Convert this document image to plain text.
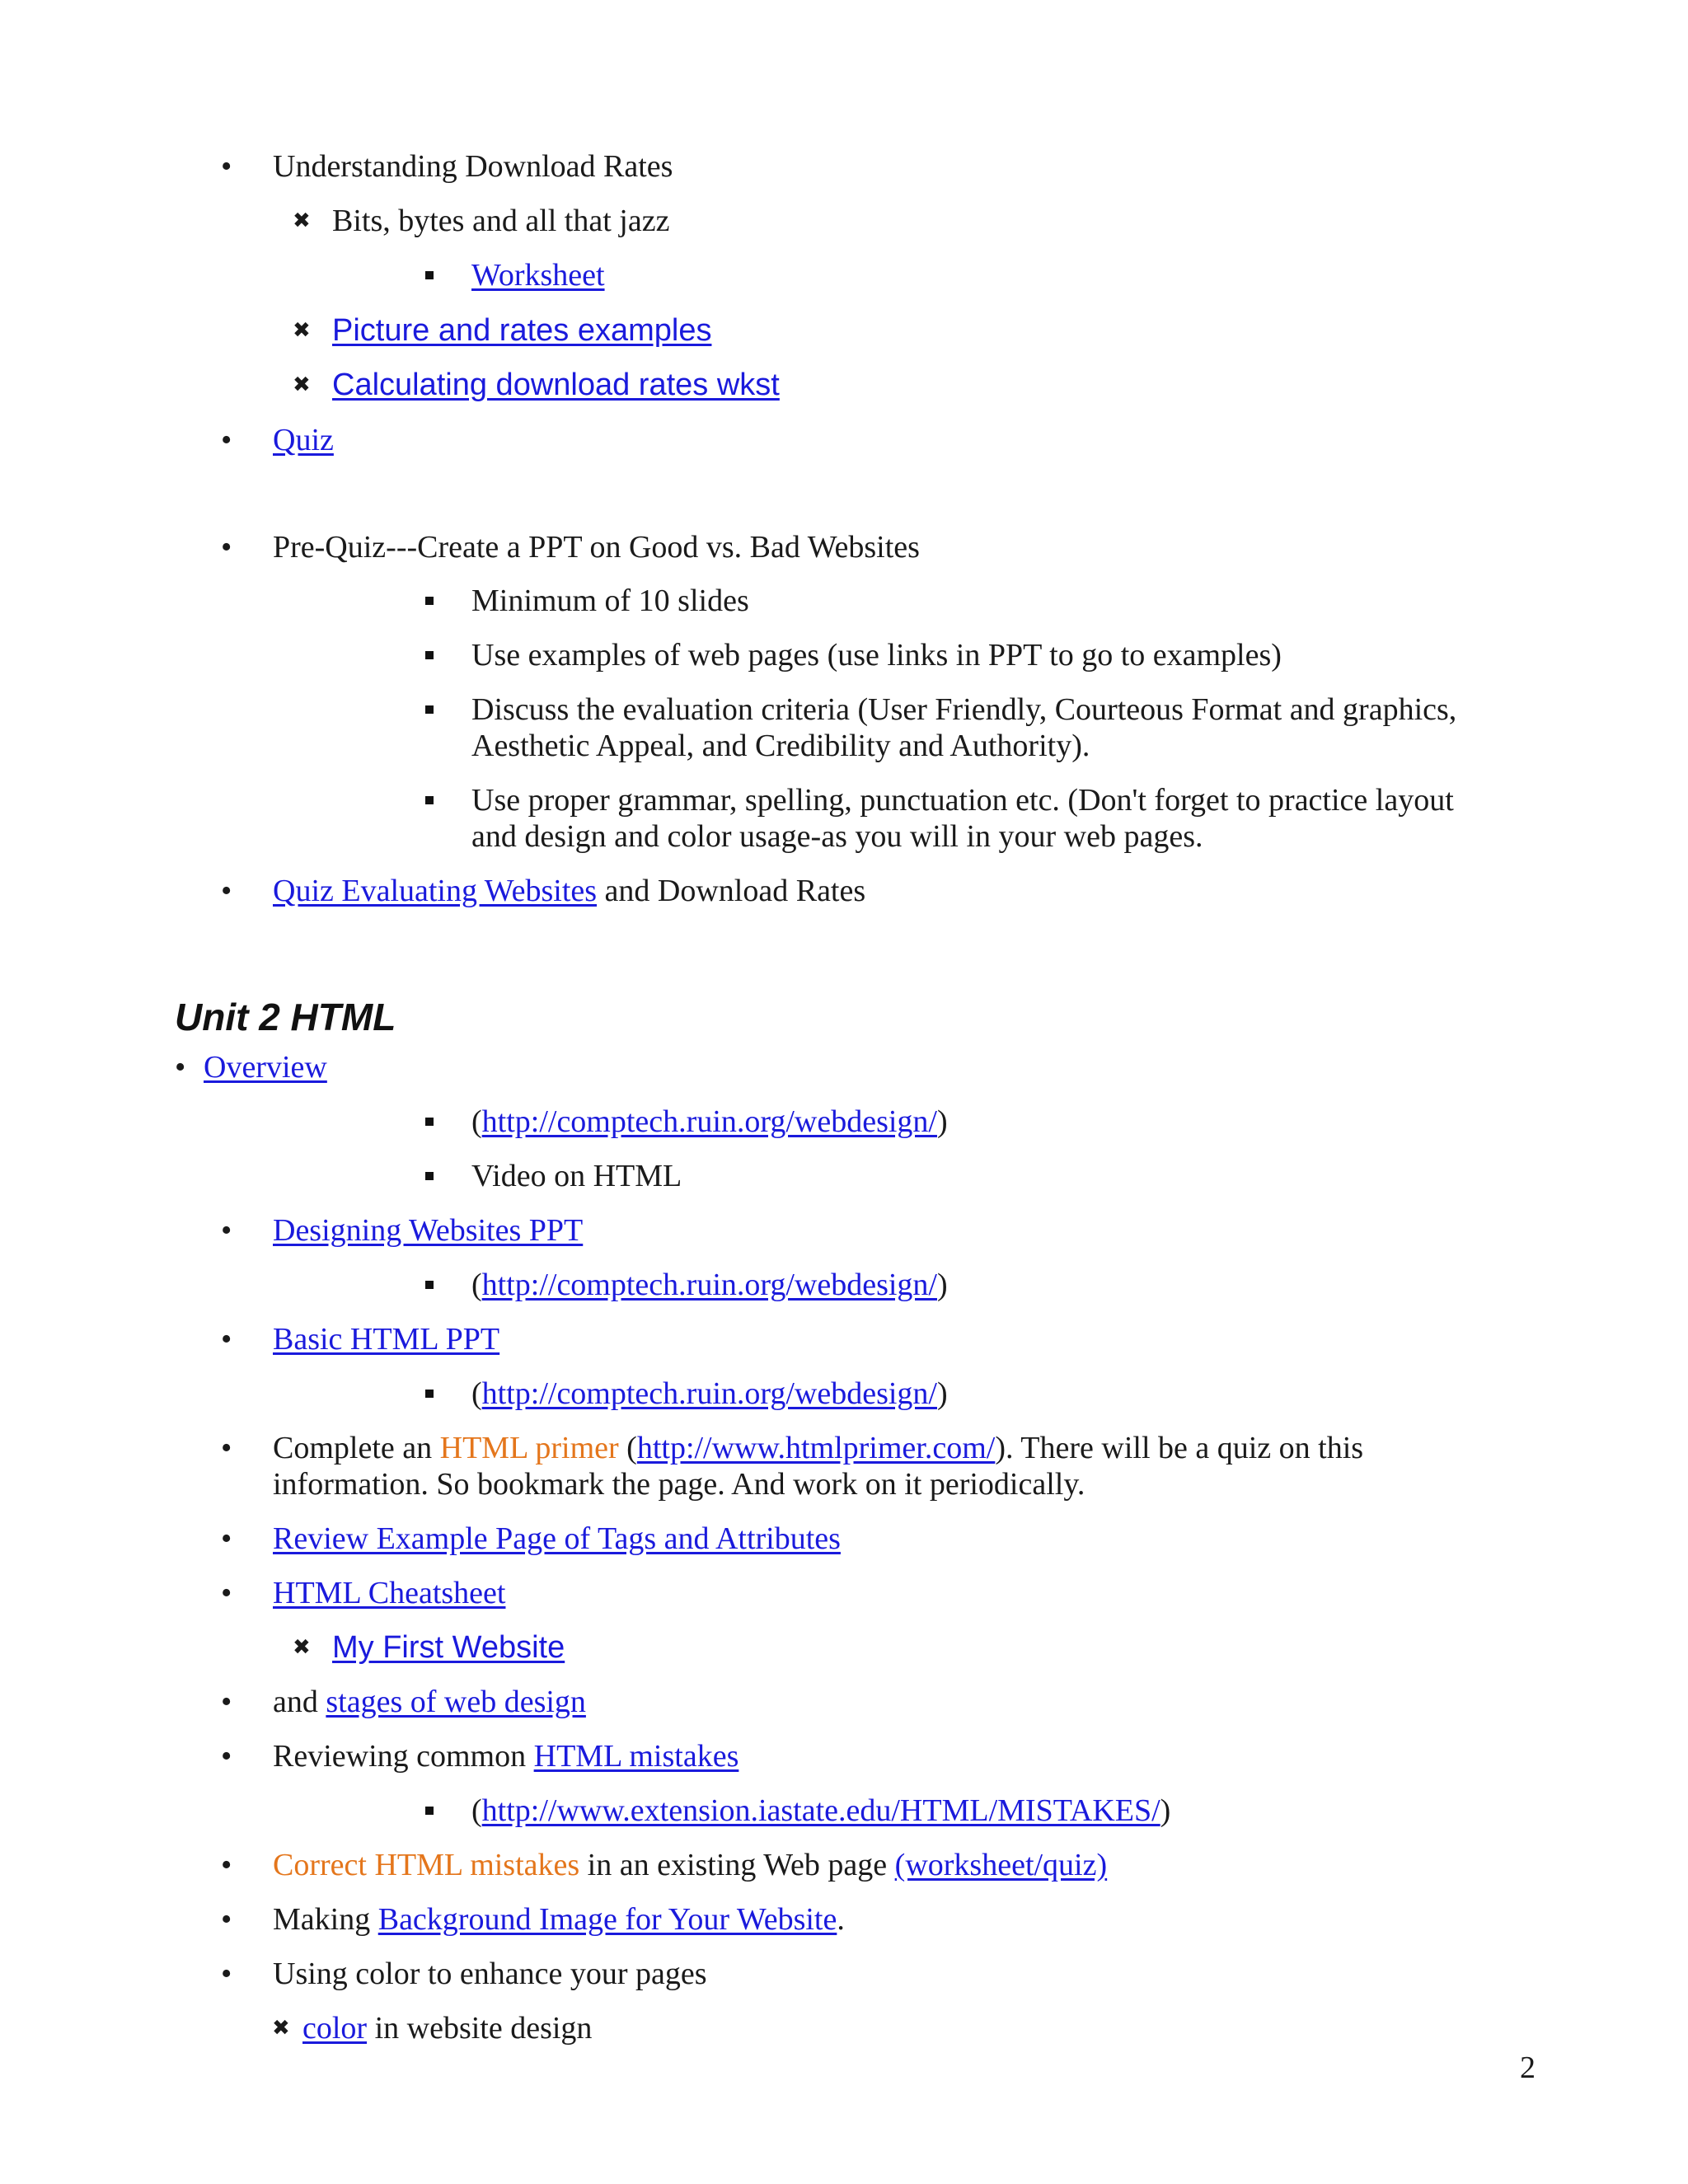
• Understanding Download Rates
✖ Bits, bytes and all that jazz
Worksheet
✖ Picture and rates examples
✖ Calculating download rates wkst
• Quiz
• Pre-Quiz---Create a PPT on Good vs. Bad Websites
Minimum of 10 slides
Use examples of web pages (use links in PPT to go to examples)
Discuss the evaluation criteria (User Friendly, Courteous Format and graphics,
Aesthetic Appeal, and Credibility and Authority).
Use proper grammar, spelling, punctuation etc. (Don't forget to practice layout
and design and color usage-as you will in your web pages.
• Quiz Evaluating Websites and Download Rates
Unit 2 HTML
• Overview
(http://comptech.ruin.org/webdesign/)
Video on HTML
• Designing Websites PPT
(http://comptech.ruin.org/webdesign/)
• Basic HTML PPT
(http://comptech.ruin.org/webdesign/)
• Complete an HTML primer (http://www.htmlprimer.com/). There will be a quiz on this
information. So bookmark the page. And work on it periodically.
• Review Example Page of Tags and Attributes
• HTML Cheatsheet
✖ My First Website
• and stages of web design
• Reviewing common HTML mistakes
(http://www.extension.iastate.edu/HTML/MISTAKES/)
• Correct HTML mistakes in an existing Web page (worksheet/quiz)
• Making Background Image for Your Website.
• Using color to enhance your pages
✖ color in website design
2
